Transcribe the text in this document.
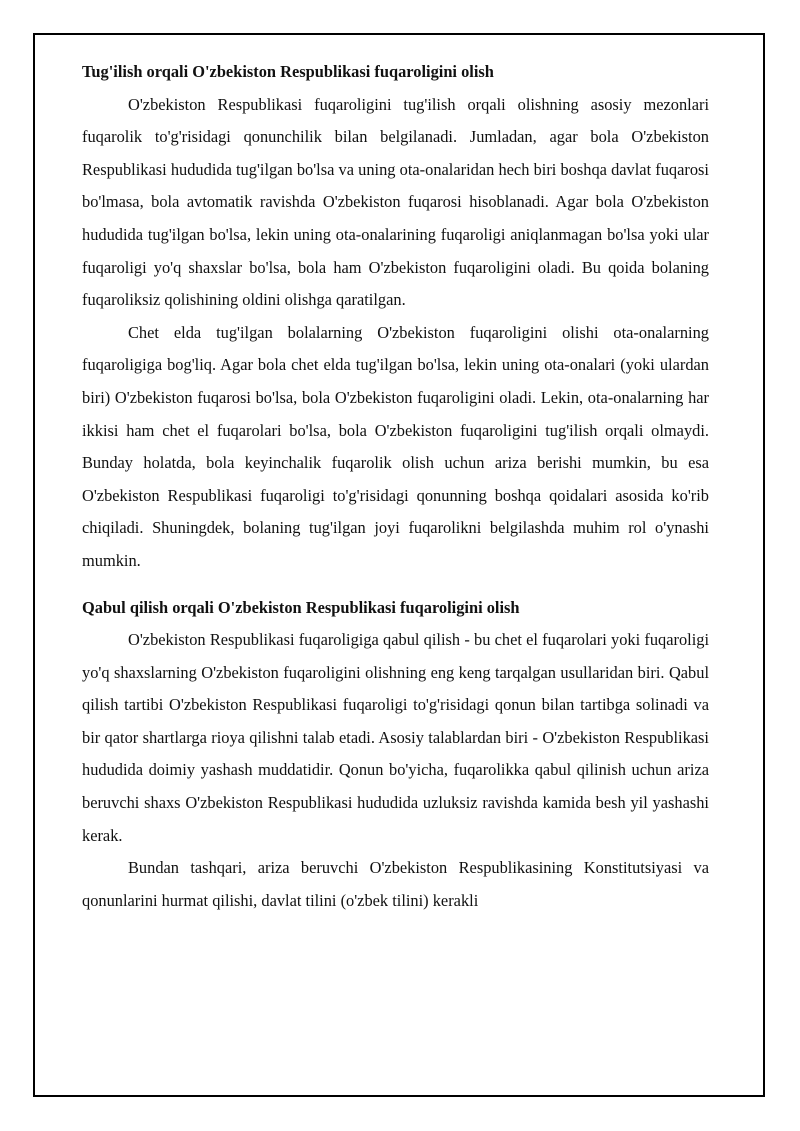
Tug'ilish orqali O'zbekiston Respublikasi fuqaroligini olish

O'zbekiston Respublikasi fuqaroligini tug'ilish orqali olishning asosiy mezonlari fuqarolik to'g'risidagi qonunchilik bilan belgilanadi. Jumladan, agar bola O'zbekiston Respublikasi hududida tug'ilgan bo'lsa va uning ota-onalaridan hech biri boshqa davlat fuqarosi bo'lmasa, bola avtomatik ravishda O'zbekiston fuqarosi hisoblanadi. Agar bola O'zbekiston hududida tug'ilgan bo'lsa, lekin uning ota-onalarining fuqaroligi aniqlanmagan bo'lsa yoki ular fuqaroligi yo'q shaxslar bo'lsa, bola ham O'zbekiston fuqaroligini oladi. Bu qoida bolaning fuqaroliksiz qolishining oldini olishga qaratilgan.

Chet elda tug'ilgan bolalarning O'zbekiston fuqaroligini olishi ota-onalarning fuqaroligiga bog'liq. Agar bola chet elda tug'ilgan bo'lsa, lekin uning ota-onalari (yoki ulardan biri) O'zbekiston fuqarosi bo'lsa, bola O'zbekiston fuqaroligini oladi. Lekin, ota-onalarning har ikkisi ham chet el fuqarolari bo'lsa, bola O'zbekiston fuqaroligini tug'ilish orqali olmaydi. Bunday holatda, bola keyinchalik fuqarolik olish uchun ariza berishi mumkin, bu esa O'zbekiston Respublikasi fuqaroligi to'g'risidagi qonunning boshqa qoidalari asosida ko'rib chiqiladi. Shuningdek, bolaning tug'ilgan joyi fuqarolikni belgilashda muhim rol o'ynashi mumkin.

Qabul qilish orqali O'zbekiston Respublikasi fuqaroligini olish

O'zbekiston Respublikasi fuqaroligiga qabul qilish - bu chet el fuqarolari yoki fuqaroligi yo'q shaxslarning O'zbekiston fuqaroligini olishning eng keng tarqalgan usullaridan biri. Qabul qilish tartibi O'zbekiston Respublikasi fuqaroligi to'g'risidagi qonun bilan tartibga solinadi va bir qator shartlarga rioya qilishni talab etadi. Asosiy talablardan biri - O'zbekiston Respublikasi hududida doimiy yashash muddatidir. Qonun bo'yicha, fuqarolikka qabul qilinish uchun ariza beruvchi shaxs O'zbekiston Respublikasi hududida uzluksiz ravishda kamida besh yil yashashi kerak.

Bundan tashqari, ariza beruvchi O'zbekiston Respublikasining Konstitutsiyasi va qonunlarini hurmat qilishi, davlat tilini (o'zbek tilini) kerakli
